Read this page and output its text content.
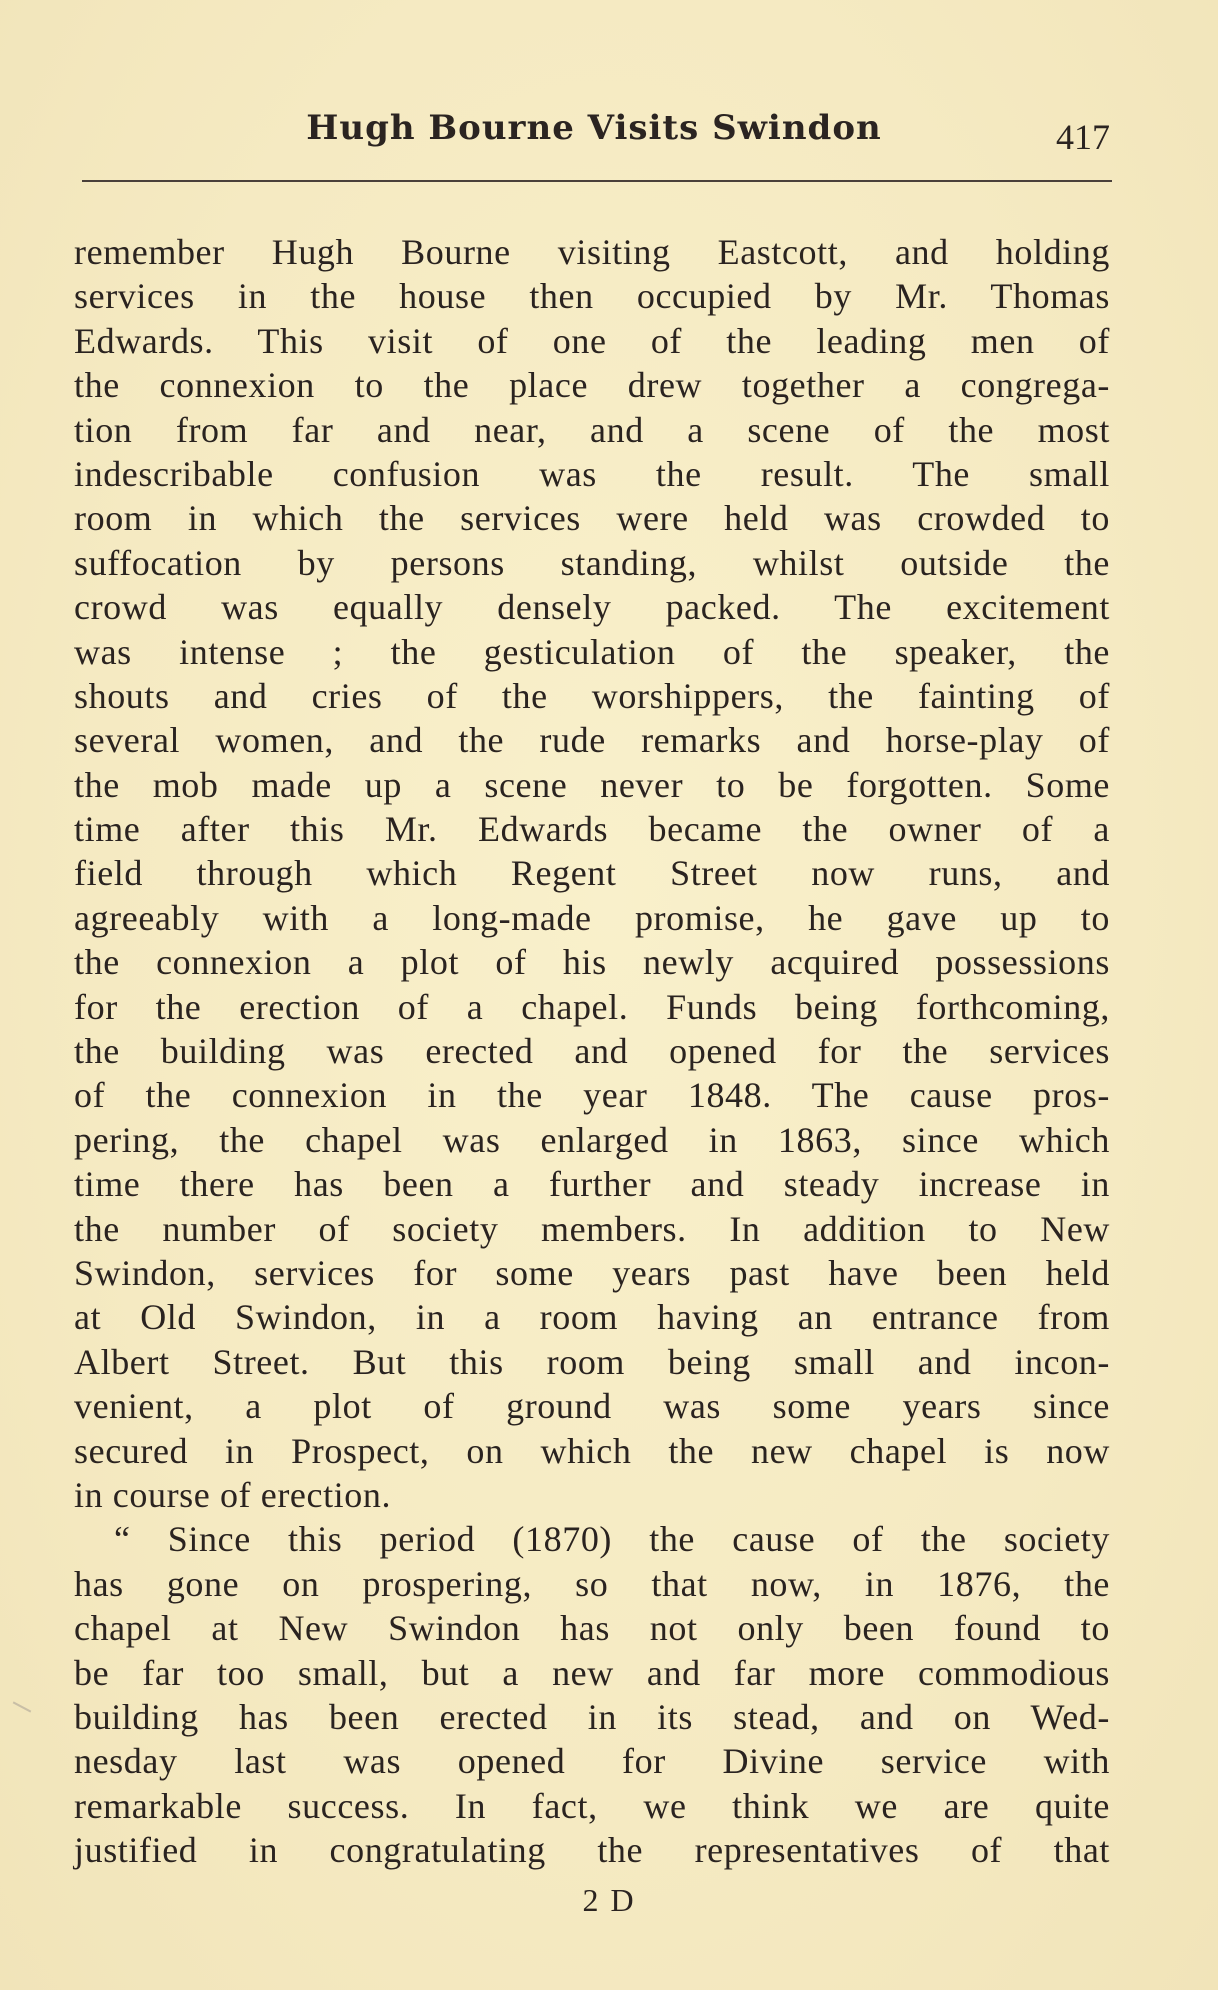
Hugh Bourne Visits Swindon	417
remember Hugh Bourne visiting Eastcott, and holding
services in the house then occupied by Mr. Thomas
Edwards. This visit of one of the leading men of
the connexion to the place drew together a congrega-
tion from far and near, and a scene of the most
indescribable confusion was the result. The small
room in which the services were held was crowded to
suffocation by persons standing, whilst outside the
crowd was equally densely packed. The excitement
was intense ; the gesticulation of the speaker, the
shouts and cries of the worshippers, the fainting of
several women, and the rude remarks and horse-play of
the mob made up a scene never to be forgotten. Some
time after this Mr. Edwards became the owner of a
field through which Regent Street now runs, and
agreeably with a long-made promise, he gave up to
the connexion a plot of his newly acquired possessions
for the erection of a chapel. Funds being forthcoming,
the building was erected and opened for the services
of the connexion in the year 1848. The cause pros-
pering, the chapel was enlarged in 1863, since which
time there has been a further and steady increase in
the number of society members. In addition to New
Swindon, services for some years past have been held
at Old Swindon, in a room having an entrance from
Albert Street. But this room being small and incon-
venient, a plot of ground was some years since
secured in Prospect, on which the new chapel is now
in course of erection.
“ Since this period (1870) the cause of the society
has gone on prospering, so that now, in 1876, the
chapel at New Swindon has not only been found to
be far too small, but a new and far more commodious
building has been erected in its stead, and on Wed-
nesday last was opened for Divine service with
remarkable success. In fact, we think we are quite
justified in congratulating the representatives of that
2 D
